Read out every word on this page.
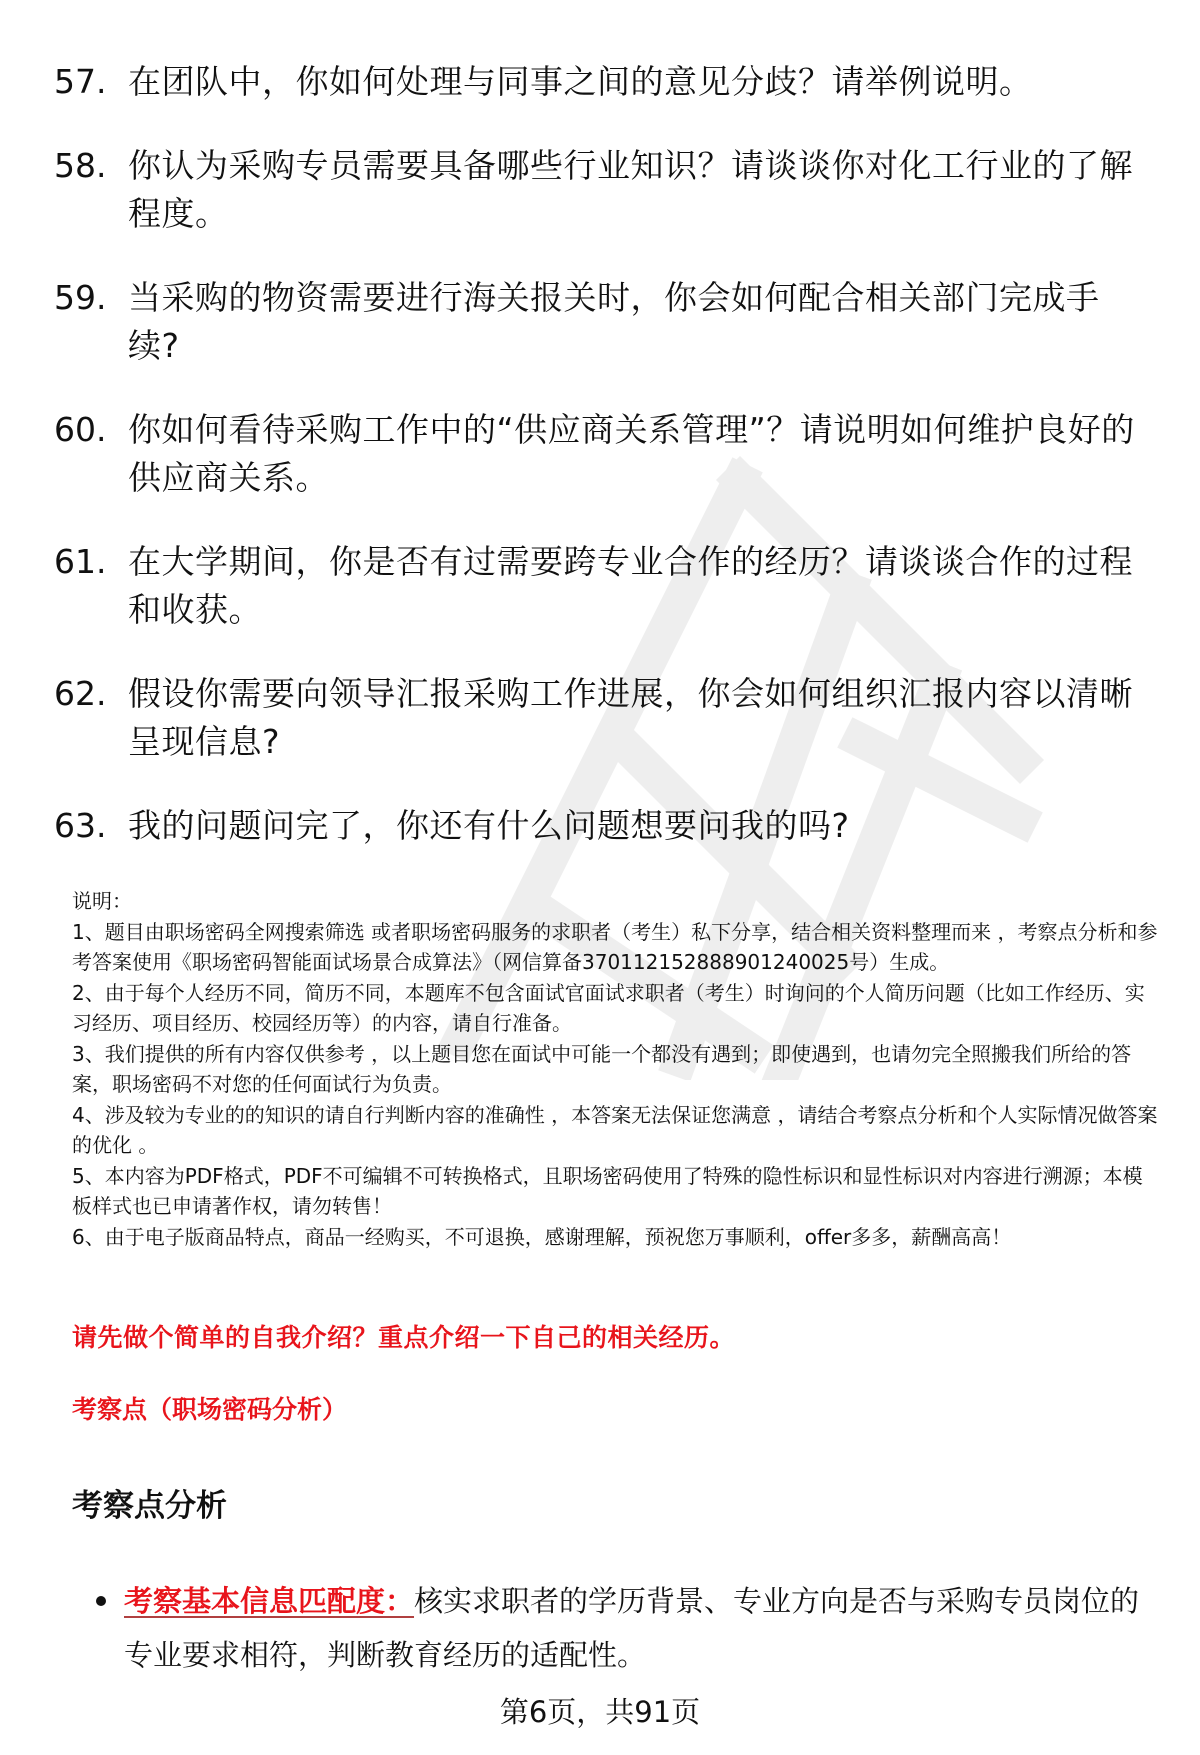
57. 在团队中，你如何处理与同事之间的意见分歧？请举例说明。
58. 你认为采购专员需要具备哪些行业知识？请谈谈你对化工行业的了解程度。
59. 当采购的物资需要进行海关报关时，你会如何配合相关部门完成手续?
60. 你如何看待采购工作中的“供应商关系管理”？请说明如何维护良好的供应商关系。
61. 在大学期间，你是否有过需要跨专业合作的经历？请谈谈合作的过程和收获。
62. 假设你需要向领导汇报采购工作进展，你会如何组织汇报内容以清晰呈现信息?
63. 我的问题问完了，你还有什么问题想要问我的吗?
说明：
1、题目由职场密码全网搜索筛选 或者职场密码服务的求职者（考生）私下分享，结合相关资料整理而来 ，考察点分析和参考答案使用《职场密码智能面试场景合成算法》（网信算备370112152888901240025号）生成。
2、由于每个人经历不同，简历不同，本题库不包含面试官面试求职者（考生）时询问的个人简历问题（比如工作经历、实习经历、项目经历、校园经历等）的内容，请自行准备。
3、我们提供的所有内容仅供参考 ，以上题目您在面试中可能一个都没有遇到；即使遇到，也请勿完全照搬我们所给的答案，职场密码不对您的任何面试行为负责。
4、涉及较为专业的的知识的请自行判断内容的准确性 ，本答案无法保证您满意 ，请结合考察点分析和个人实际情况做答案的优化 。
5、本内容为PDF格式，PDF不可编辑不可转换格式，且职场密码使用了特殊的隐性标识和显性标识对内容进行溯源；本模板样式也已申请著作权，请勿转售！
6、由于电子版商品特点，商品一经购买，不可退换，感谢理解，预祝您万事顺利，offer多多，薪酬高高！
请先做个简单的自我介绍？重点介绍一下自己的相关经历。
考察点（职场密码分析）
考察点分析
考察基本信息匹配度：核实求职者的学历背景、专业方向是否与采购专员岗位的专业要求相符，判断教育经历的适配性。
第6页，共91页
